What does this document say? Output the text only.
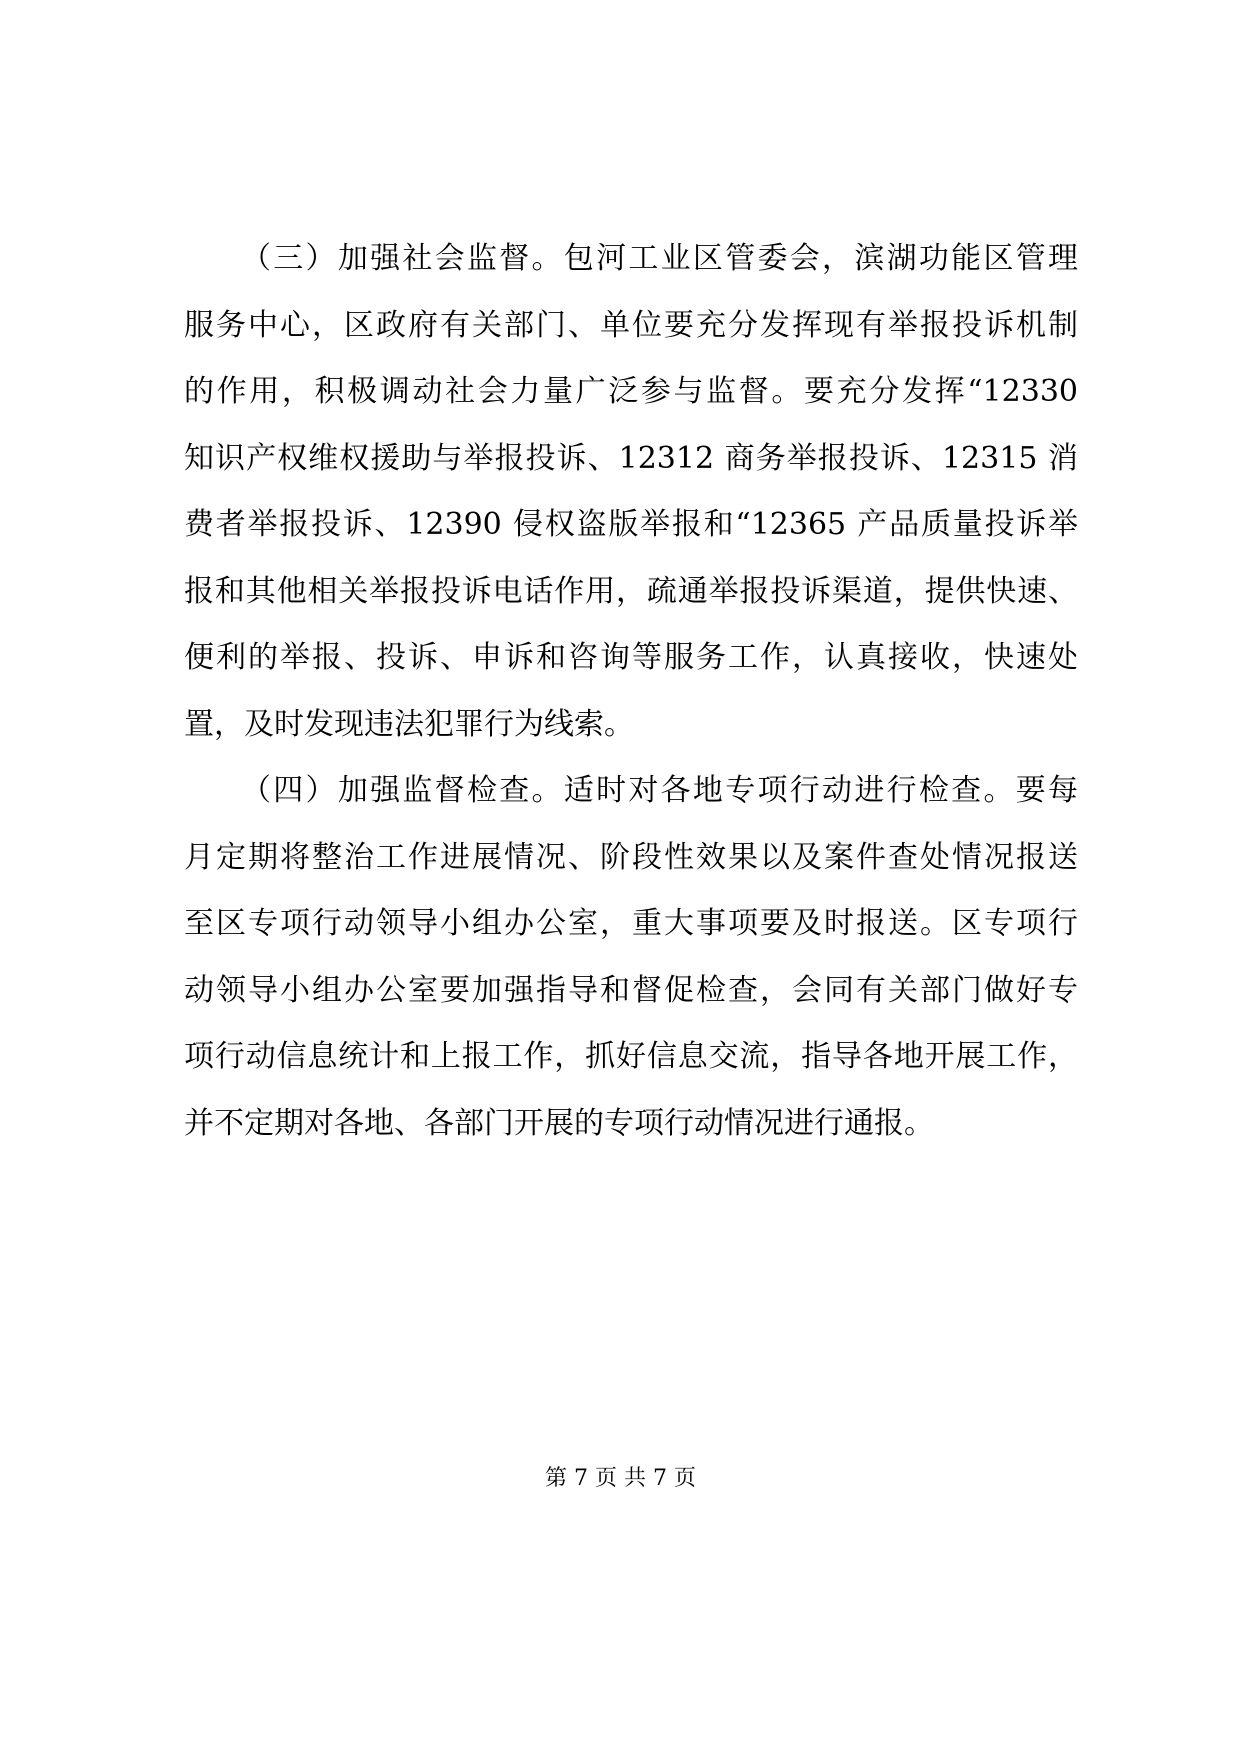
（三）加强社会监督。包河工业区管委会，滨湖功能区管理
服务中心，区政府有关部门、单位要充分发挥现有举报投诉机制
的作用，积极调动社会力量广泛参与监督。要充分发挥“12330
知识产权维权援助与举报投诉、12312 商务举报投诉、12315 消
费者举报投诉、12390 侵权盗版举报和“12365 产品质量投诉举
报和其他相关举报投诉电话作用，疏通举报投诉渠道，提供快速、
便利的举报、投诉、申诉和咨询等服务工作，认真接收，快速处
置，及时发现违法犯罪行为线索。
（四）加强监督检查。适时对各地专项行动进行检查。要每
月定期将整治工作进展情况、阶段性效果以及案件查处情况报送
至区专项行动领导小组办公室，重大事项要及时报送。区专项行
动领导小组办公室要加强指导和督促检查，会同有关部门做好专
项行动信息统计和上报工作，抓好信息交流，指导各地开展工作，
并不定期对各地、各部门开展的专项行动情况进行通报。
第 7 页 共 7 页
